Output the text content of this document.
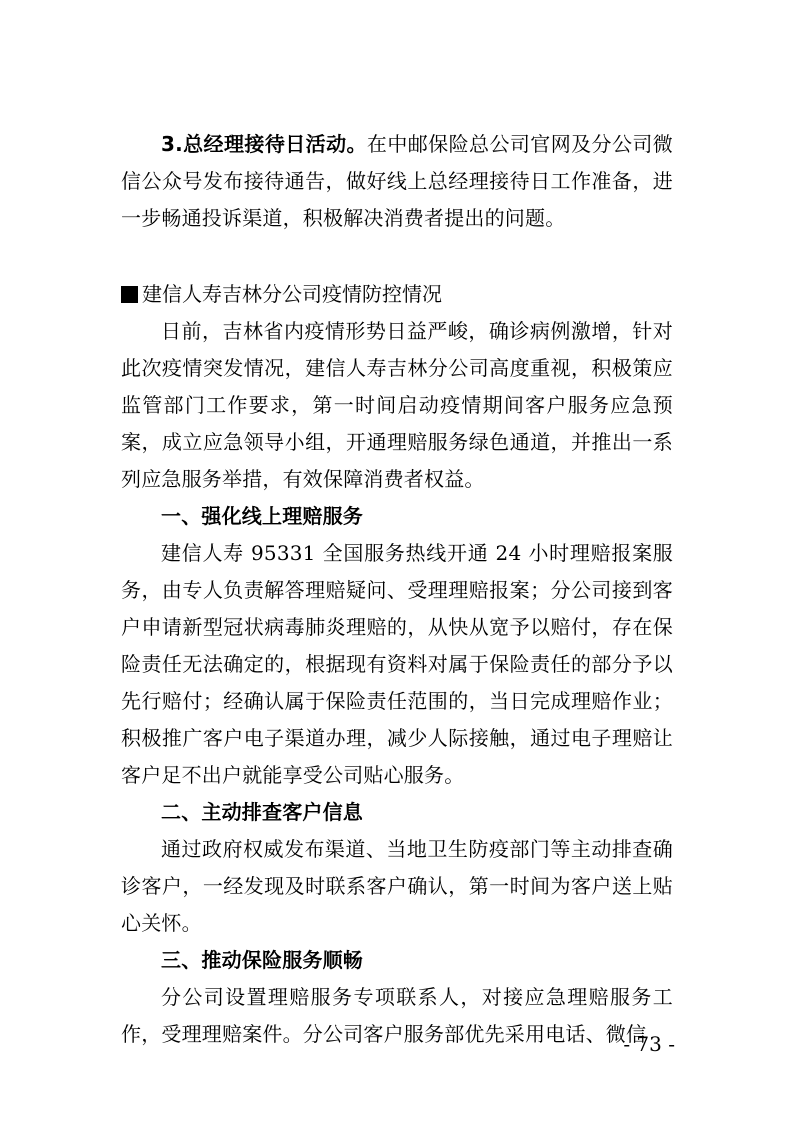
3.总经理接待日活动。在中邮保险总公司官网及分公司微信公众号发布接待通告，做好线上总经理接待日工作准备，进一步畅通投诉渠道，积极解决消费者提出的问题。

建信人寿吉林分公司疫情防控情况

日前，吉林省内疫情形势日益严峻，确诊病例激增，针对此次疫情突发情况，建信人寿吉林分公司高度重视，积极策应监管部门工作要求，第一时间启动疫情期间客户服务应急预案，成立应急领导小组，开通理赔服务绿色通道，并推出一系列应急服务举措，有效保障消费者权益。

一、强化线上理赔服务

建信人寿 95331 全国服务热线开通 24 小时理赔报案服务，由专人负责解答理赔疑问、受理理赔报案；分公司接到客户申请新型冠状病毒肺炎理赔的，从快从宽予以赔付，存在保险责任无法确定的，根据现有资料对属于保险责任的部分予以先行赔付；经确认属于保险责任范围的，当日完成理赔作业；积极推广客户电子渠道办理，减少人际接触，通过电子理赔让客户足不出户就能享受公司贴心服务。

二、主动排查客户信息

通过政府权威发布渠道、当地卫生防疫部门等主动排查确诊客户，一经发现及时联系客户确认，第一时间为客户送上贴心关怀。

三、推动保险服务顺畅

分公司设置理赔服务专项联系人，对接应急理赔服务工作，受理理赔案件。分公司客户服务部优先采用电话、微信

- 73 -
